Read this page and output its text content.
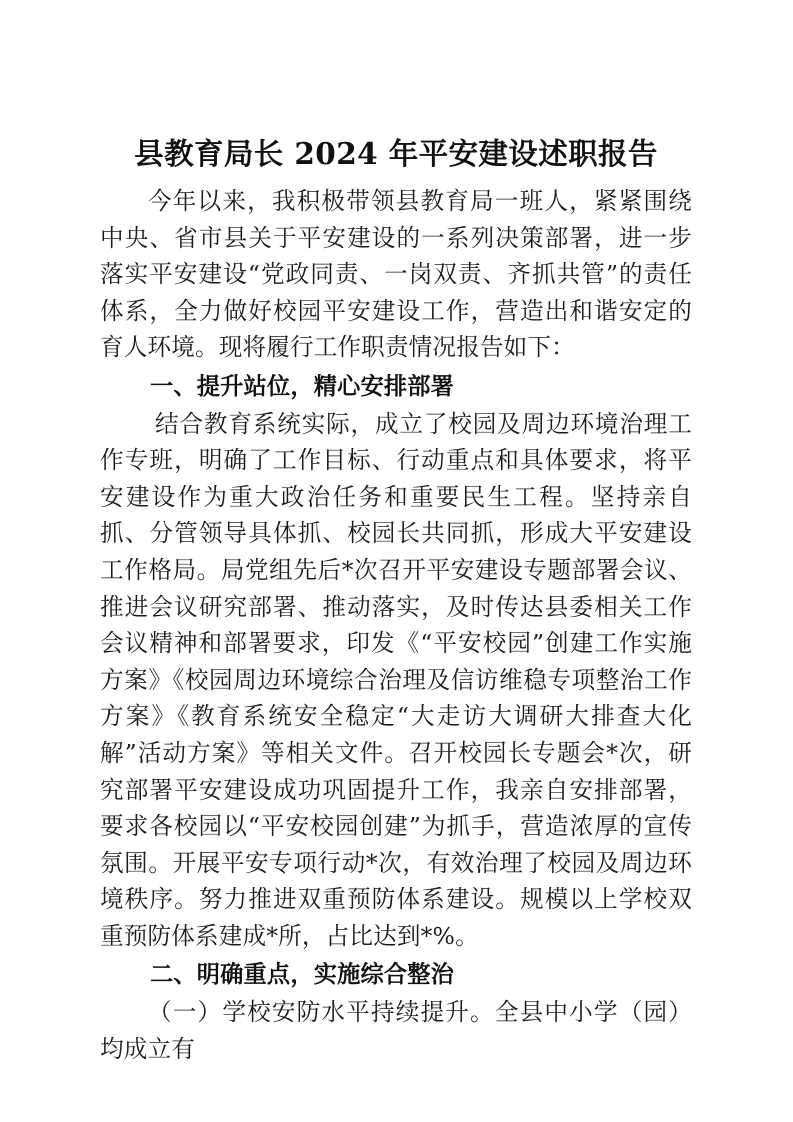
县教育局长 2024 年平安建设述职报告

今年以来，我积极带领县教育局一班人，紧紧围绕中央、省市县关于平安建设的一系列决策部署，进一步落实平安建设“党政同责、一岗双责、齐抓共管”的责任体系，全力做好校园平安建设工作，营造出和谐安定的育人环境。现将履行工作职责情况报告如下：

一、提升站位，精心安排部署

结合教育系统实际，成立了校园及周边环境治理工作专班，明确了工作目标、行动重点和具体要求，将平安建设作为重大政治任务和重要民生工程。坚持亲自抓、分管领导具体抓、校园长共同抓，形成大平安建设工作格局。局党组先后*次召开平安建设专题部署会议、推进会议研究部署、推动落实，及时传达县委相关工作会议精神和部署要求，印发《“平安校园”创建工作实施方案》《校园周边环境综合治理及信访维稳专项整治工作方案》《教育系统安全稳定“大走访大调研大排查大化解”活动方案》等相关文件。召开校园长专题会*次，研究部署平安建设成功巩固提升工作，我亲自安排部署，要求各校园以“平安校园创建”为抓手，营造浓厚的宣传氛围。开展平安专项行动*次，有效治理了校园及周边环境秩序。努力推进双重预防体系建设。规模以上学校双重预防体系建成*所，占比达到*%。

二、明确重点，实施综合整治

（一）学校安防水平持续提升。全县中小学（园）均成立有
